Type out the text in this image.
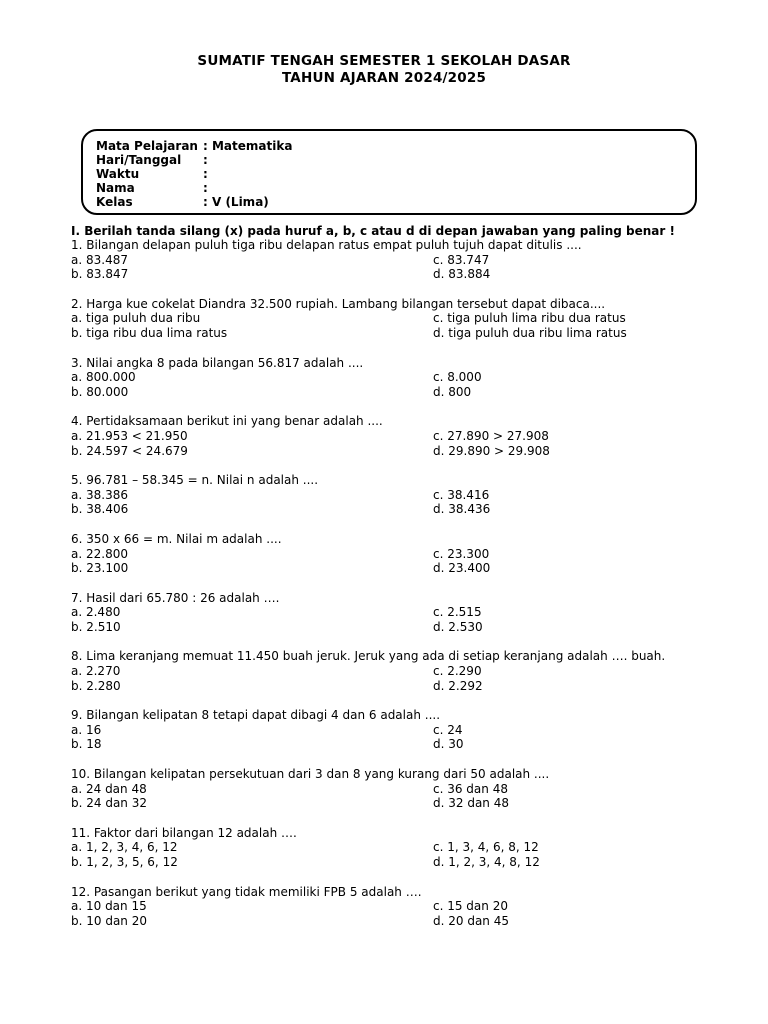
SUMATIF TENGAH SEMESTER 1 SEKOLAH DASAR
TAHUN AJARAN 2024/2025
Mata Pelajaran : Matematika
Hari/Tanggal :
Waktu	:
Nama	:
Kelas	: V (Lima)
I. Berilah tanda silang (x) pada huruf a, b, c atau d di depan jawaban yang paling benar !
1. Bilangan delapan puluh tiga ribu delapan ratus empat puluh tujuh dapat ditulis ....
a. 83.487	c. 83.747
b. 83.847	d. 83.884
2. Harga kue cokelat Diandra 32.500 rupiah. Lambang bilangan tersebut dapat dibaca....
a. tiga puluh dua ribu	c. tiga puluh lima ribu dua ratus
b. tiga ribu dua lima ratus	d. tiga puluh dua ribu lima ratus
3. Nilai angka 8 pada bilangan 56.817 adalah ....
a. 800.000	c. 8.000
b. 80.000	d. 800
4. Pertidaksamaan berikut ini yang benar adalah ....
a. 21.953 < 21.950	c. 27.890 > 27.908
b. 24.597 < 24.679	d. 29.890 > 29.908
5. 96.781 – 58.345 = n. Nilai n adalah ....
a. 38.386	c. 38.416
b. 38.406	d. 38.436
6. 350 x 66 = m. Nilai m adalah ....
a. 22.800	c. 23.300
b. 23.100	d. 23.400
7. Hasil dari 65.780 : 26 adalah ….
a. 2.480	c. 2.515
b. 2.510	d. 2.530
8. Lima keranjang memuat 11.450 buah jeruk. Jeruk yang ada di setiap keranjang adalah …. buah.
a. 2.270	c. 2.290
b. 2.280	d. 2.292
9. Bilangan kelipatan 8 tetapi dapat dibagi 4 dan 6 adalah ....
a. 16	c. 24
b. 18	d. 30
10. Bilangan kelipatan persekutuan dari 3 dan 8 yang kurang dari 50 adalah ....
a. 24 dan 48	c. 36 dan 48
b. 24 dan 32	d. 32 dan 48
11. Faktor dari bilangan 12 adalah ….
a. 1, 2, 3, 4, 6, 12	c. 1, 3, 4, 6, 8, 12
b. 1, 2, 3, 5, 6, 12	d. 1, 2, 3, 4, 8, 12
12. Pasangan berikut yang tidak memiliki FPB 5 adalah ….
a. 10 dan 15	c. 15 dan 20
b. 10 dan 20	d. 20 dan 45
